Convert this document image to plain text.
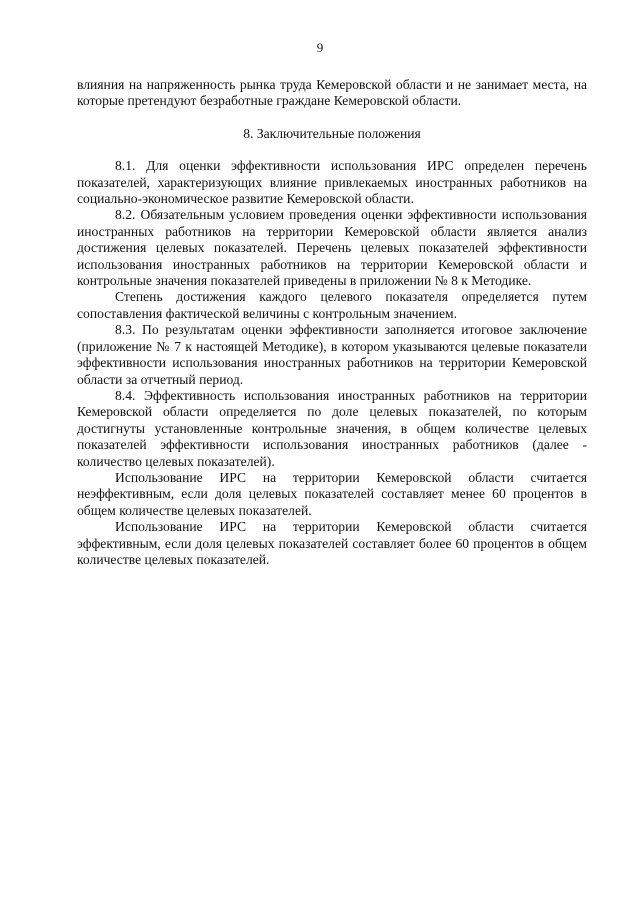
9

влияния на напряженность рынка труда Кемеровской области и не занимает места, на которые претендуют безработные граждане Кемеровской области.

8. Заключительные положения

8.1. Для оценки эффективности использования ИРС определен перечень показателей, характеризующих влияние привлекаемых иностранных работников на социально-экономическое развитие Кемеровской области.

8.2. Обязательным условием проведения оценки эффективности использования иностранных работников на территории Кемеровской области является анализ достижения целевых показателей. Перечень целевых показателей эффективности использования иностранных работников на территории Кемеровской области и контрольные значения показателей приведены в приложении № 8 к Методике.

Степень достижения каждого целевого показателя определяется путем сопоставления фактической величины с контрольным значением.

8.3. По результатам оценки эффективности заполняется итоговое заключение (приложение № 7 к настоящей Методике), в котором указываются целевые показатели эффективности использования иностранных работников на территории Кемеровской области за отчетный период.

8.4. Эффективность использования иностранных работников на территории Кемеровской области определяется по доле целевых показателей, по которым достигнуты установленные контрольные значения, в общем количестве целевых показателей эффективности использования иностранных работников (далее - количество целевых показателей).

Использование ИРС на территории Кемеровской области считается неэффективным, если доля целевых показателей составляет менее 60 процентов в общем количестве целевых показателей.

Использование ИРС на территории Кемеровской области считается эффективным, если доля целевых показателей составляет более 60 процентов в общем количестве целевых показателей.
